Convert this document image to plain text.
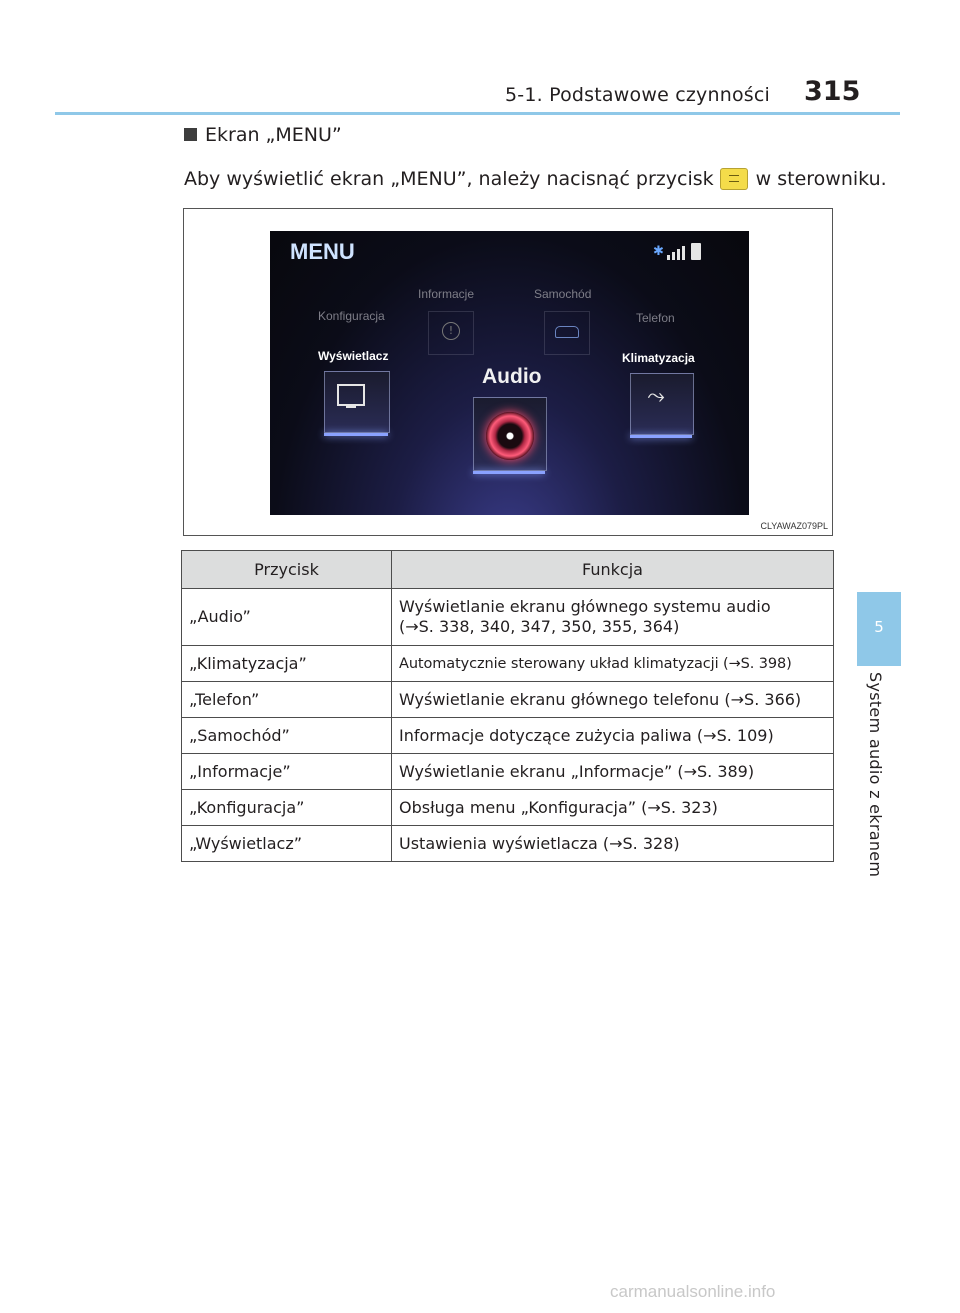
5-1. Podstawowe czynności 315
Ekran „MENU”
Aby wyświetlić ekran „MENU”, należy nacisnąć przycisk w sterowniku.
MENU	✱
Informacje
!
Samochód
Konfiguracja	Telefon
Wyświetlacz	Klimatyzacja
⤳
Audio
CLYAWAZ079PL
Przycisk	Funkcja
„Audio”	Wyświetlanie ekranu głównego systemu audio
(→S. 338, 340, 347, 350, 355, 364)

„Klimatyzacja”	Automatycznie sterowany układ klimatyzacji (→S. 398)
„Telefon”	Wyświetlanie ekranu głównego telefonu (→S. 366)
„Samochód”	Informacje dotyczące zużycia paliwa (→S. 109)
„Informacje”	Wyświetlanie ekranu „Informacje” (→S. 389)
„Konfiguracja”	Obsługa menu „Konfiguracja” (→S. 323)
„Wyświetlacz”	Ustawienia wyświetlacza (→S. 328)
5
System audio z ekranem
carmanualsonline.info
